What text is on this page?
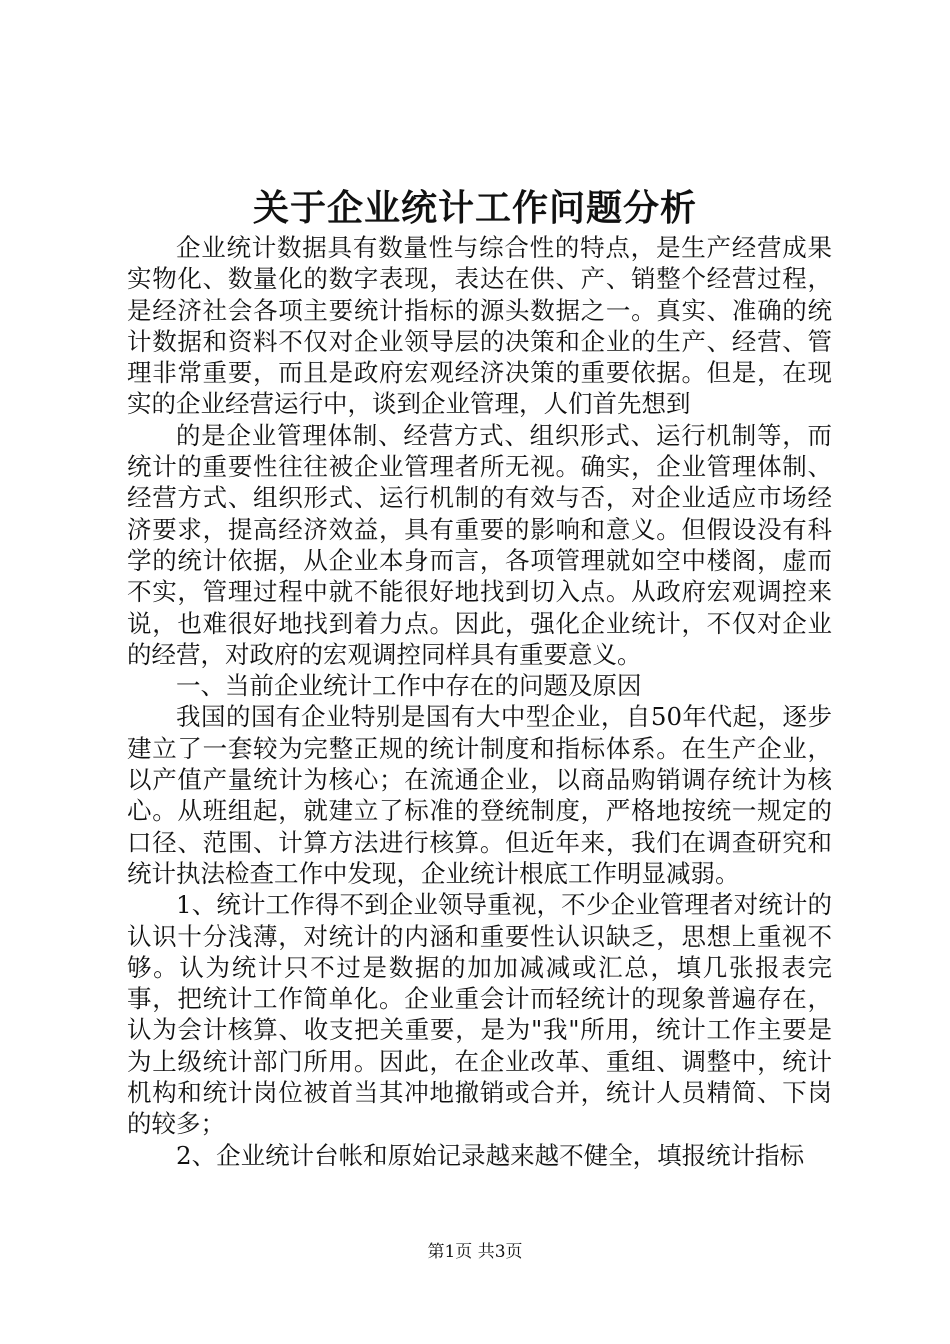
关于企业统计工作问题分析

企业统计数据具有数量性与综合性的特点，是生产经营成果实物化、数量化的数字表现，表达在供、产、销整个经营过程，是经济社会各项主要统计指标的源头数据之一。真实、准确的统计数据和资料不仅对企业领导层的决策和企业的生产、经营、管理非常重要，而且是政府宏观经济决策的重要依据。但是，在现实的企业经营运行中，谈到企业管理，人们首先想到

的是企业管理体制、经营方式、组织形式、运行机制等，而统计的重要性往往被企业管理者所无视。确实，企业管理体制、经营方式、组织形式、运行机制的有效与否，对企业适应市场经济要求，提高经济效益，具有重要的影响和意义。但假设没有科学的统计依据，从企业本身而言，各项管理就如空中楼阁，虚而不实，管理过程中就不能很好地找到切入点。从政府宏观调控来说，也难很好地找到着力点。因此，强化企业统计，不仅对企业的经营，对政府的宏观调控同样具有重要意义。

一、当前企业统计工作中存在的问题及原因

我国的国有企业特别是国有大中型企业，自50年代起，逐步建立了一套较为完整正规的统计制度和指标体系。在生产企业，以产值产量统计为核心；在流通企业，以商品购销调存统计为核心。从班组起，就建立了标准的登统制度，严格地按统一规定的口径、范围、计算方法进行核算。但近年来，我们在调查研究和统计执法检查工作中发现，企业统计根底工作明显减弱。

1、统计工作得不到企业领导重视，不少企业管理者对统计的认识十分浅薄，对统计的内涵和重要性认识缺乏，思想上重视不够。认为统计只不过是数据的加加减减或汇总，填几张报表完事，把统计工作简单化。企业重会计而轻统计的现象普遍存在，认为会计核算、收支把关重要，是为"我"所用，统计工作主要是为上级统计部门所用。因此，在企业改革、重组、调整中，统计机构和统计岗位被首当其冲地撤销或合并，统计人员精简、下岗的较多；

2、企业统计台帐和原始记录越来越不健全，填报统计指标

第1页 共3页
